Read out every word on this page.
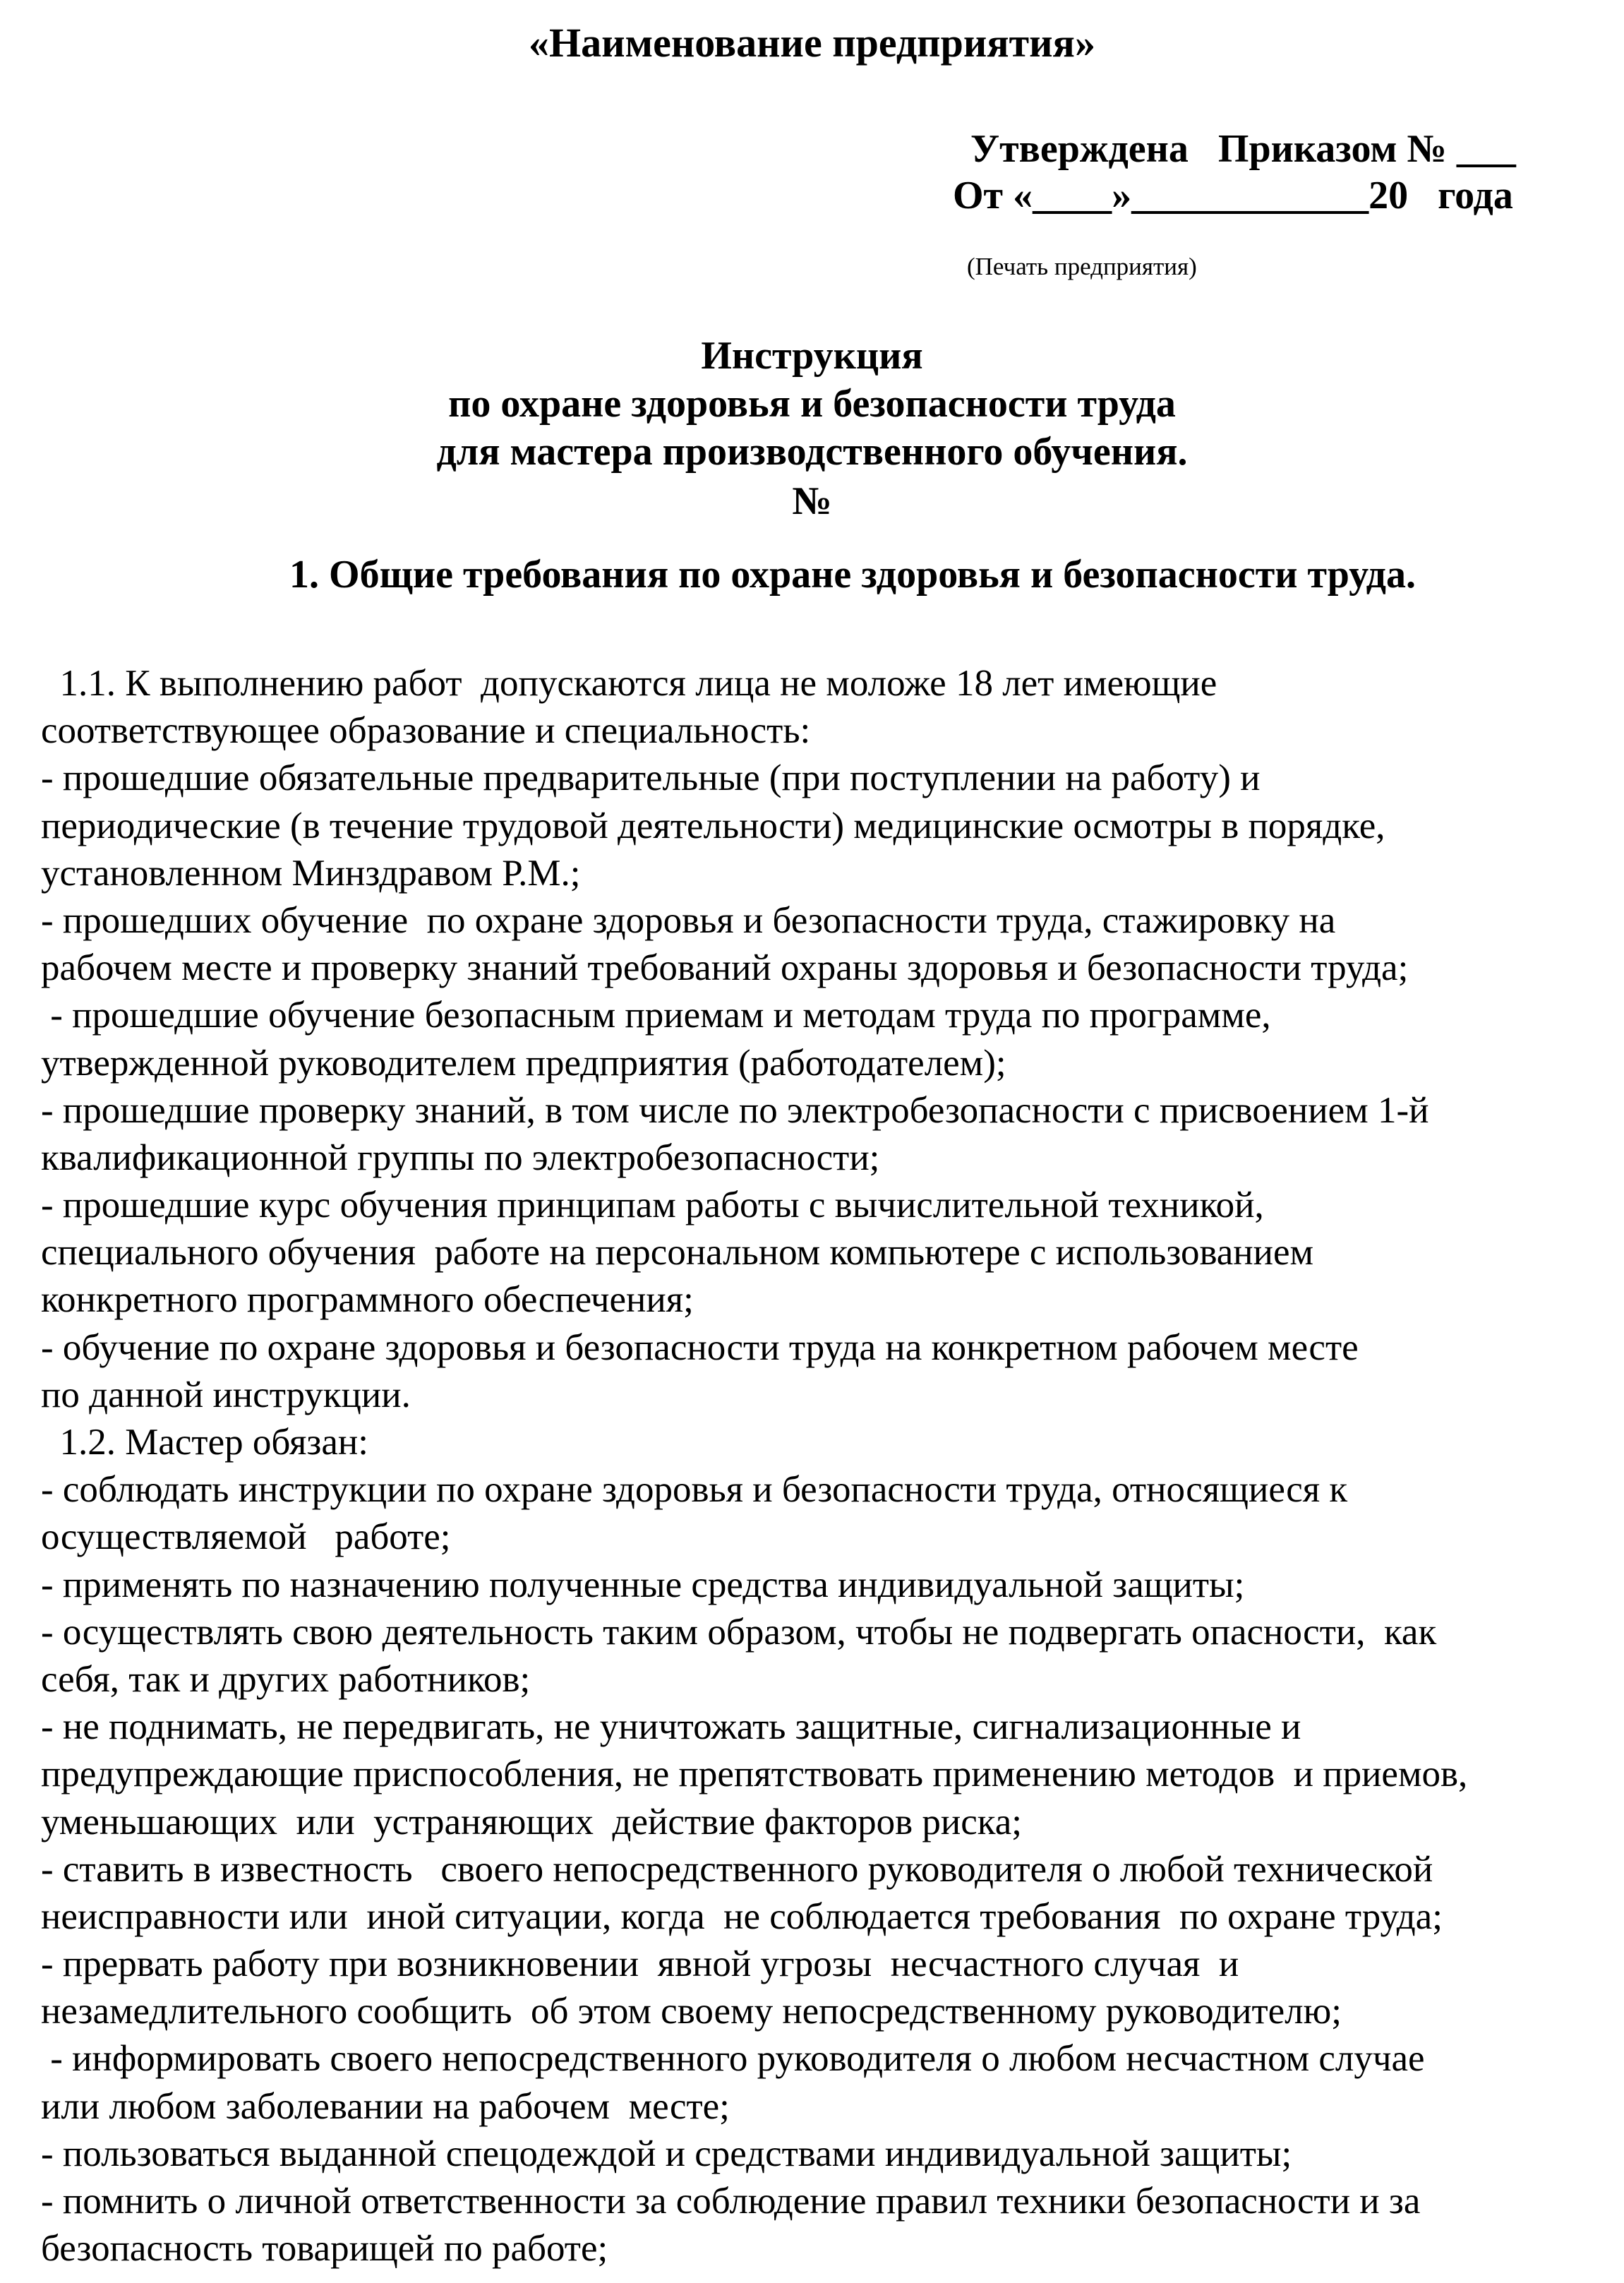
«Наименование предприятия»
Утверждена   Приказом № ___
От «____»____________20   года
(Печать предприятия)
Инструкция
по охране здоровья и безопасности труда
для мастера производственного обучения.
№
1. Общие требования по охране здоровья и безопасности труда.
1.1. К выполнению работ  допускаются лица не моложе 18 лет имеющие
соответствующее образование и специальность:
- прошедшие обязательные предварительные (при поступлении на работу) и
периодические (в течение трудовой деятельности) медицинские осмотры в порядке,
установленном Минздравом Р.М.;
- прошедших обучение  по охране здоровья и безопасности труда, стажировку на
рабочем месте и проверку знаний требований охраны здоровья и безопасности труда;
- прошедшие обучение безопасным приемам и методам труда по программе,
утвержденной руководителем предприятия (работодателем);
- прошедшие проверку знаний, в том числе по электробезопасности с присвоением 1-й
квалификационной группы по электробезопасности;
- прошедшие курс обучения принципам работы с вычислительной техникой,
специального обучения  работе на персональном компьютере с использованием
конкретного программного обеспечения;
- обучение по охране здоровья и безопасности труда на конкретном рабочем месте
по данной инструкции.
1.2. Мастер обязан:
- соблюдать инструкции по охране здоровья и безопасности труда, относящиеся к
осуществляемой   работе;
- применять по назначению полученные средства индивидуальной защиты;
- осуществлять свою деятельность таким образом, чтобы не подвергать опасности,  как
себя, так и других работников;
- не поднимать, не передвигать, не уничтожать защитные, сигнализационные и
предупреждающие приспособления, не препятствовать применению методов  и приемов,
уменьшающих  или  устраняющих  действие факторов риска;
- ставить в известность   своего непосредственного руководителя о любой технической
неисправности или  иной ситуации, когда  не соблюдается требования  по охране труда;
- прервать работу при возникновении  явной угрозы  несчастного случая  и
незамедлительного сообщить  об этом своему непосредственному руководителю;
- информировать своего непосредственного руководителя о любом несчастном случае
или любом заболевании на рабочем  месте;
- пользоваться выданной спецодеждой и средствами индивидуальной защиты;
- помнить о личной ответственности за соблюдение правил техники безопасности и за
безопасность товарищей по работе;
